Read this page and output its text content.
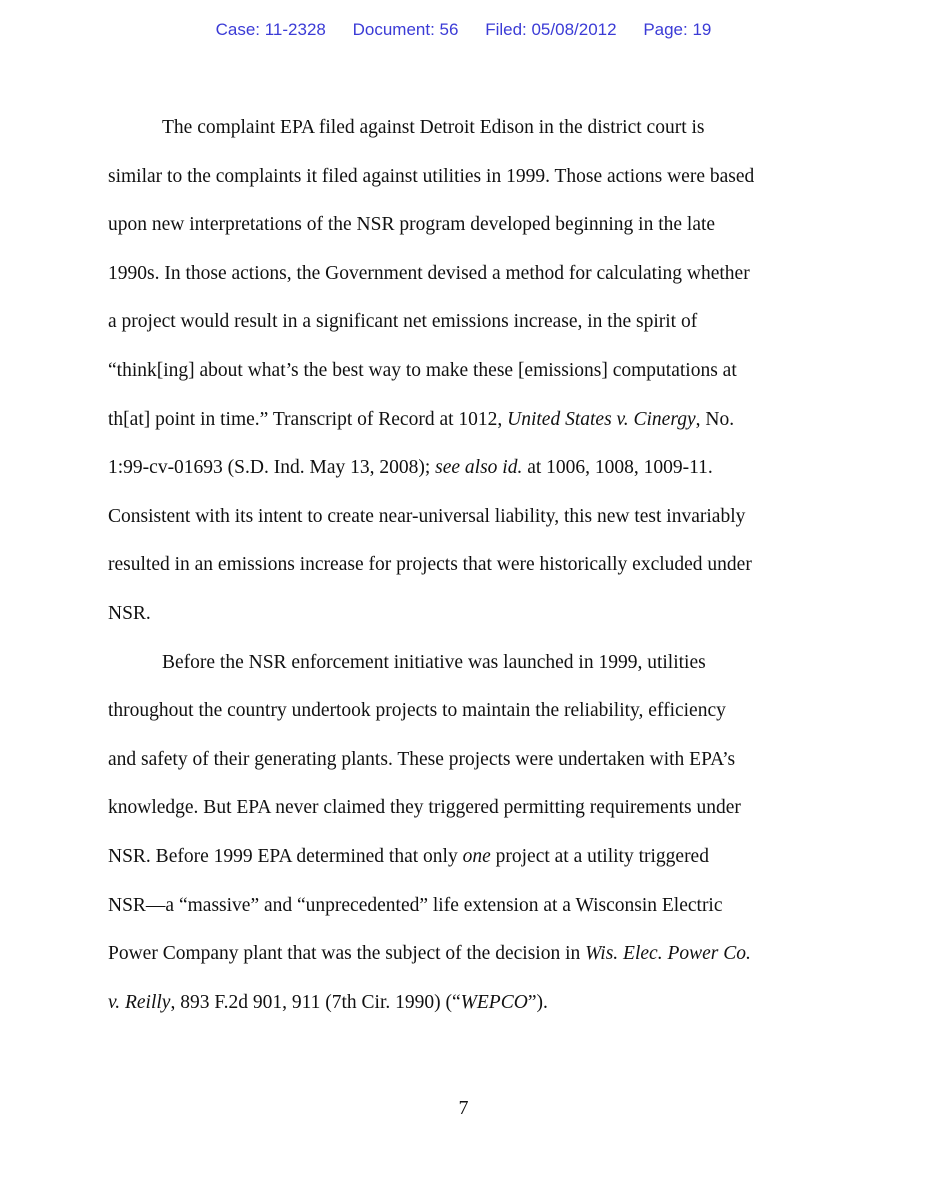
Case: 11-2328 Document: 56 Filed: 05/08/2012 Page: 19
The complaint EPA filed against Detroit Edison in the district court is
similar to the complaints it filed against utilities in 1999. Those actions were based
upon new interpretations of the NSR program developed beginning in the late
1990s. In those actions, the Government devised a method for calculating whether
a project would result in a significant net emissions increase, in the spirit of
“think[ing] about what’s the best way to make these [emissions] computations at
th[at] point in time.” Transcript of Record at 1012, United States v. Cinergy, No.
1:99-cv-01693 (S.D. Ind. May 13, 2008); see also id. at 1006, 1008, 1009-11.
Consistent with its intent to create near-universal liability, this new test invariably
resulted in an emissions increase for projects that were historically excluded under
NSR.
Before the NSR enforcement initiative was launched in 1999, utilities
throughout the country undertook projects to maintain the reliability, efficiency
and safety of their generating plants. These projects were undertaken with EPA’s
knowledge. But EPA never claimed they triggered permitting requirements under
NSR. Before 1999 EPA determined that only one project at a utility triggered
NSR—a “massive” and “unprecedented” life extension at a Wisconsin Electric
Power Company plant that was the subject of the decision in Wis. Elec. Power Co.
v. Reilly, 893 F.2d 901, 911 (7th Cir. 1990) (“WEPCO”).
7
